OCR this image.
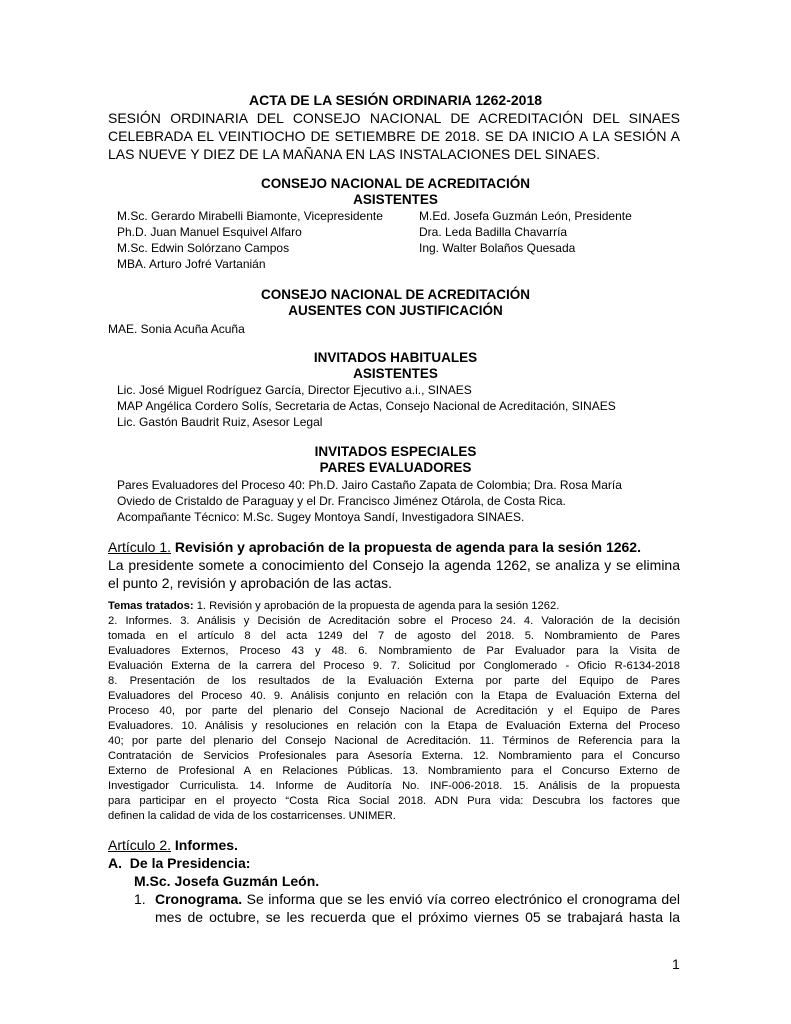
ACTA DE LA SESIÓN ORDINARIA 1262-2018
SESIÓN ORDINARIA DEL CONSEJO NACIONAL DE ACREDITACIÓN DEL SINAES
CELEBRADA EL VEINTIOCHO DE SETIEMBRE DE 2018. SE DA INICIO A LA SESIÓN A
LAS NUEVE Y DIEZ DE LA MAÑANA EN LAS INSTALACIONES DEL SINAES.
CONSEJO NACIONAL DE ACREDITACIÓN
ASISTENTES
M.Sc. Gerardo Mirabelli Biamonte, Vicepresidente
Ph.D. Juan Manuel Esquivel Alfaro
M.Sc. Edwin Solórzano Campos
MBA. Arturo Jofré Vartanián
M.Ed. Josefa Guzmán León, Presidente
Dra. Leda Badilla Chavarría
Ing. Walter Bolaños Quesada
CONSEJO NACIONAL DE ACREDITACIÓN
AUSENTES CON JUSTIFICACIÓN
MAE. Sonia Acuña Acuña
INVITADOS HABITUALES
ASISTENTES
Lic. José Miguel Rodríguez García, Director Ejecutivo a.i., SINAES
MAP Angélica Cordero Solís, Secretaria de Actas, Consejo Nacional de Acreditación, SINAES
Lic. Gastón Baudrit Ruiz, Asesor Legal
INVITADOS ESPECIALES
PARES EVALUADORES
Pares Evaluadores del Proceso 40: Ph.D. Jairo Castaño Zapata de Colombia; Dra. Rosa María
Oviedo de Cristaldo de Paraguay y el Dr. Francisco Jiménez Otárola, de Costa Rica.
Acompañante Técnico: M.Sc. Sugey Montoya Sandí, Investigadora SINAES.
Artículo 1. Revisión y aprobación de la propuesta de agenda para la sesión 1262.
La presidente somete a conocimiento del Consejo la agenda 1262, se analiza y se elimina
el punto 2, revisión y aprobación de las actas.
Temas tratados: 1. Revisión y aprobación de la propuesta de agenda para la sesión 1262.
2. Informes. 3. Análisis y Decisión de Acreditación sobre el Proceso 24. 4. Valoración de la decisión
tomada en el artículo 8 del acta 1249 del 7 de agosto del 2018. 5. Nombramiento de Pares
Evaluadores Externos, Proceso 43 y 48. 6. Nombramiento de Par Evaluador para la Visita de
Evaluación Externa de la carrera del Proceso 9. 7. Solicitud por Conglomerado - Oficio R-6134-2018
8. Presentación de los resultados de la Evaluación Externa por parte del Equipo de Pares
Evaluadores del Proceso 40. 9. Análisis conjunto en relación con la Etapa de Evaluación Externa del
Proceso 40, por parte del plenario del Consejo Nacional de Acreditación y el Equipo de Pares
Evaluadores. 10. Análisis y resoluciones en relación con la Etapa de Evaluación Externa del Proceso
40; por parte del plenario del Consejo Nacional de Acreditación. 11. Términos de Referencia para la
Contratación de Servicios Profesionales para Asesoría Externa. 12. Nombramiento para el Concurso
Externo de Profesional A en Relaciones Públicas. 13. Nombramiento para el Concurso Externo de
Investigador Curriculista. 14. Informe de Auditoría No. INF-006-2018. 15. Análisis de la propuesta
para participar en el proyecto “Costa Rica Social 2018. ADN Pura vida: Descubra los factores que
definen la calidad de vida de los costarricenses. UNIMER.
Artículo 2. Informes.
A.  De la Presidencia:
M.Sc. Josefa Guzmán León.
1. Cronograma. Se informa que se les envió vía correo electrónico el cronograma del
mes de octubre, se les recuerda que el próximo viernes 05 se trabajará hasta la
1
